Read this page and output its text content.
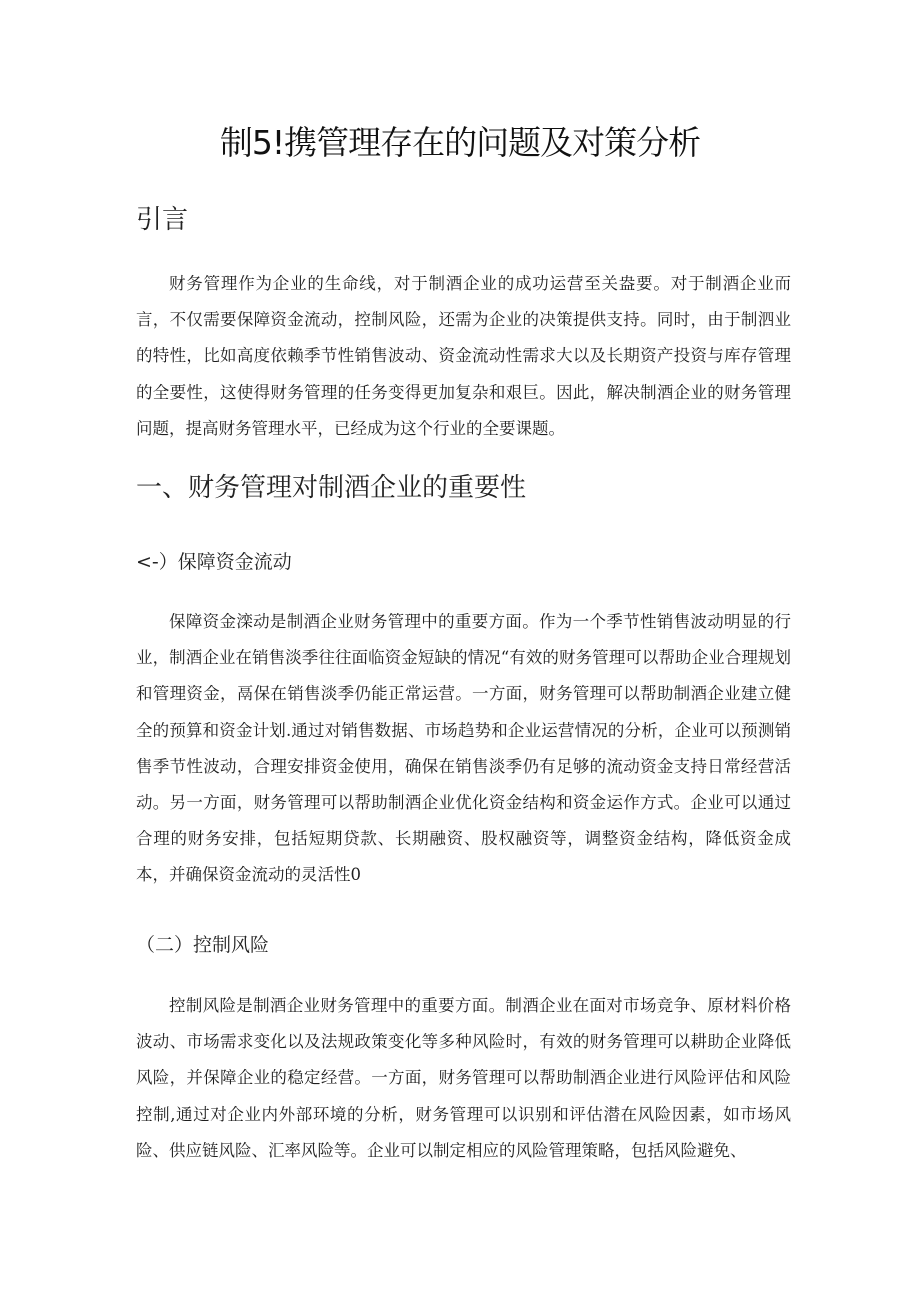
制5!携管理存在的问题及对策分析
引言

财务管理作为企业的生命线，对于制酒企业的成功运营至关盎要。对于制酒企业而言，不仅需要保障资金流动，控制风险，还需为企业的决策提供支持。同时，由于制泗业的特性，比如高度依赖季节性销售波动、资金流动性需求大以及长期资产投资与库存管理的全要性，这使得财务管理的任务变得更加复杂和艰巨。因此，解决制酒企业的财务管理问题，提高财务管理水平，已经成为这个行业的全要课题。

一、财务管理对制酒企业的重要性
<-）保障资金流动

保障资金滦动是制酒企业财务管理中的重要方面。作为一个季节性销售波动明显的行业，制酒企业在销售淡季往往面临资金短缺的情况“有效的财务管理可以帮助企业合理规划和管理资金，鬲保在销售淡季仍能正常运营。一方面，财务管理可以帮助制酒企业建立健全的预算和资金计划.通过对销售数据、市场趋势和企业运营情况的分析，企业可以预测销售季节性波动，合理安排资金使用，确保在销售淡季仍有足够的流动资金支持日常经营活动。另一方面，财务管理可以帮助制酒企业优化资金结构和资金运作方式。企业可以通过合理的财务安排，包括短期贷款、长期融资、股权融资等，调整资金结构，降低资金成本，并确保资金流动的灵活性0

（二）控制风险

控制风险是制酒企业财务管理中的重要方面。制酒企业在面对市场竞争、原材料价格波动、市场需求变化以及法规政策变化等多种风险时，有效的财务管理可以耕助企业降低风险，并保障企业的稳定经营。一方面，财务管理可以帮助制酒企业进行风险评估和风险控制,通过对企业内外部环境的分析，财务管理可以识别和评估潜在风险因素，如市场风险、供应链风险、汇率风险等。企业可以制定相应的风险管理策略，包括风险避免、
